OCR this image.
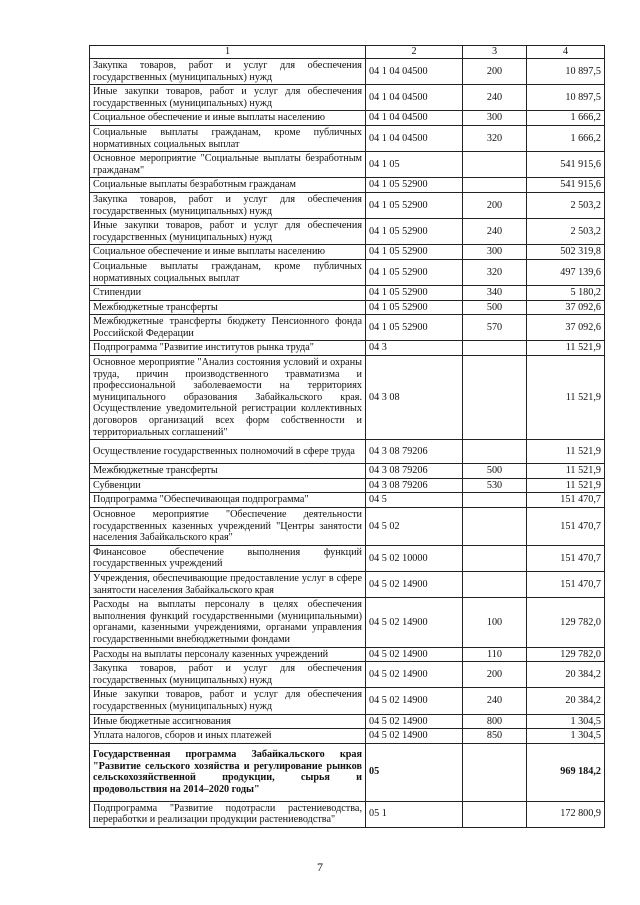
1	2	3	4
Закупка товаров, работ и услуг для обеспечения государственных (муниципальных) нужд	04 1 04 04500	200	10 897,5
Иные закупки товаров, работ и услуг для обеспечения государственных (муниципальных) нужд	04 1 04 04500	240	10 897,5
Социальное обеспечение и иные выплаты населению	04 1 04 04500	300	1 666,2
Социальные выплаты гражданам, кроме публичных нормативных социальных выплат	04 1 04 04500	320	1 666,2
Основное мероприятие "Социальные выплаты безработным гражданам"	04 1 05		541 915,6
Социальные выплаты безработным гражданам	04 1 05 52900		541 915,6
Закупка товаров, работ и услуг для обеспечения государственных (муниципальных) нужд	04 1 05 52900	200	2 503,2
Иные закупки товаров, работ и услуг для обеспечения государственных (муниципальных) нужд	04 1 05 52900	240	2 503,2
Социальное обеспечение и иные выплаты населению	04 1 05 52900	300	502 319,8
Социальные выплаты гражданам, кроме публичных нормативных социальных выплат	04 1 05 52900	320	497 139,6
Стипендии	04 1 05 52900	340	5 180,2
Межбюджетные трансферты	04 1 05 52900	500	37 092,6
Межбюджетные трансферты бюджету Пенсионного фонда Российской Федерации	04 1 05 52900	570	37 092,6
Подпрограмма "Развитие институтов рынка труда"	04 3		11 521,9
Основное мероприятие "Анализ состояния условий и охраны труда, причин производственного травматизма и профессиональной заболеваемости на территориях муниципального образования Забайкальского края. Осуществление уведомительной регистрации коллективных договоров организаций всех форм собственности и территориальных соглашений"	04 3 08		11 521,9
Осуществление государственных полномочий в сфере труда	04 3 08 79206		11 521,9
Межбюджетные трансферты	04 3 08 79206	500	11 521,9
Субвенции	04 3 08 79206	530	11 521,9
Подпрограмма "Обеспечивающая подпрограмма"	04 5		151 470,7
Основное мероприятие "Обеспечение деятельности государственных казенных учреждений "Центры занятости населения Забайкальского края"	04 5 02		151 470,7
Финансовое обеспечение выполнения функций государственных учреждений	04 5 02 10000		151 470,7
Учреждения, обеспечивающие предоставление услуг в сфере занятости населения Забайкальского края	04 5 02 14900		151 470,7
Расходы на выплаты персоналу в целях обеспечения выполнения функций государственными (муниципальными) органами, казенными учреждениями, органами управления государственными внебюджетными фондами	04 5 02 14900	100	129 782,0
Расходы на выплаты персоналу казенных учреждений	04 5 02 14900	110	129 782,0
Закупка товаров, работ и услуг для обеспечения государственных (муниципальных) нужд	04 5 02 14900	200	20 384,2
Иные закупки товаров, работ и услуг для обеспечения государственных (муниципальных) нужд	04 5 02 14900	240	20 384,2
Иные бюджетные ассигнования	04 5 02 14900	800	1 304,5
Уплата налогов, сборов и иных платежей	04 5 02 14900	850	1 304,5
Государственная программа Забайкальского края "Развитие сельского хозяйства и регулирование рынков сельскохозяйственной продукции, сырья и продовольствия на 2014–2020 годы"	05		969 184,2
Подпрограмма "Развитие подотрасли растениеводства, переработки и реализации продукции растениеводства"	05 1		172 800,9
7
